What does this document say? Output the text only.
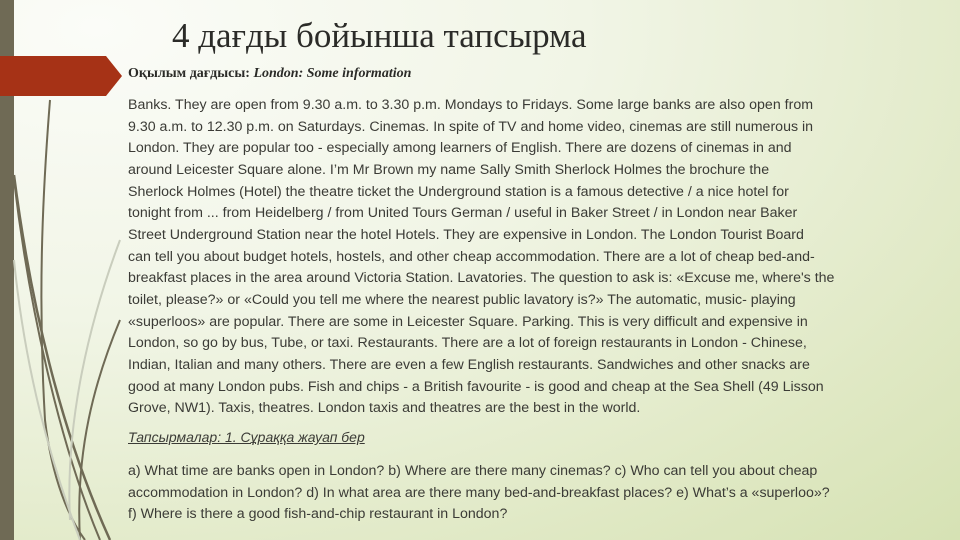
4 дағды бойынша тапсырма
Оқылым дағдысы: London: Some information
Banks. They are open from 9.30 a.m. to 3.30 p.m. Mondays to Fridays. Some large banks are also open from
9.30 a.m. to 12.30 p.m. on Saturdays. Cinemas. In spite of TV and home video, cinemas are still numerous in
London. They are popular too - especially among learners of English. There are dozens of cinemas in and
around Leicester Square alone. I’m Mr Brown my name Sally Smith Sherlock Holmes the brochure the
Sherlock Holmes (Hotel) the theatre ticket the Underground station is a famous detective / a nice hotel for
tonight from ... from Heidelberg / from United Tours German / useful in Baker Street / in London near Baker
Street Underground Station near the hotel Hotels. They are expensive in London. The London Tourist Board
can tell you about budget hotels, hostels, and other cheap accommodation. There are a lot of cheap bed-and-
breakfast places in the area around Victoria Station. Lavatories. The question to ask is: «Excuse me, where's the
toilet, please?» or «Could you tell me where the nearest public lavatory is?» The automatic, music- playing
«superloos» are popular. There are some in Leicester Square. Parking. This is very difficult and expensive in
London, so go by bus, Tube, or taxi. Restaurants. There are a lot of foreign restaurants in London - Chinese,
Indian, Italian and many others. There are even a few English restaurants. Sandwiches and other snacks are
good at many London pubs. Fish and chips - a British favourite - is good and cheap at the Sea Shell (49 Lisson
Grove, NW1). Taxis, theatres. London taxis and theatres are the best in the world.
Тапсырмалар: 1. Сұраққа жауап бер
a) What time are banks open in London? b) Where are there many cinemas? c) Who can tell you about cheap
accommodation in London? d) In what area are there many bed-and-breakfast places? e) What’s a «superloo»?
f) Where is there a good fish-and-chip restaurant in London?
